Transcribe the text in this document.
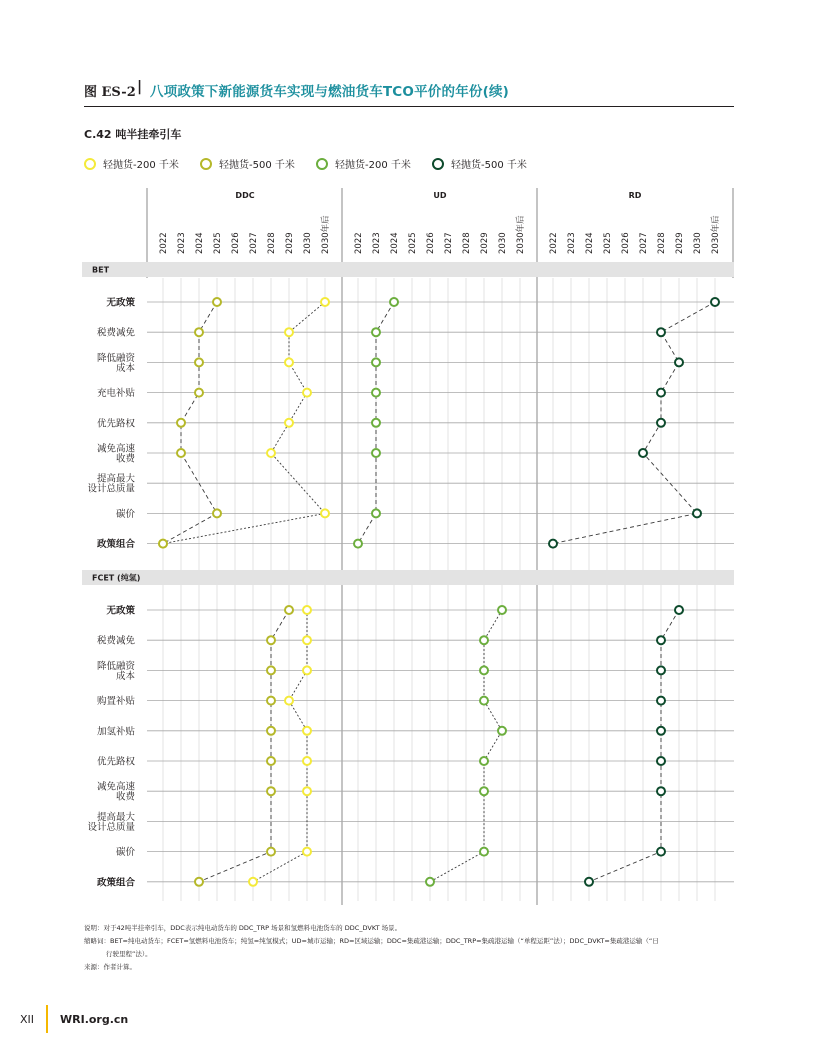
图 ES-2 | 八项政策下新能源货车实现与燃油货车TCO平价的年份(续)
C.42 吨半挂牵引车
轻抛货-200 千米	轻抛货-500 千米	轻抛货-200 千米	轻抛货-500 千米
DDC
2022 2023 2024 2025 2026 2027 2028 2029 2030 2030年后
UD
2022 2023 2024 2025 2026 2027 2028 2029 2030 2030年后
RD
2022 2023 2024 2025 2026 2027 2028 2029 2030 2030年后
BET
无政策
税费减免
降低融资
成本
充电补贴
优先路权
减免高速
收费
提高最大
设计总质量
碳价
政策组合
FCET (纯氢)
无政策
税费减免
降低融资
成本
购置补贴
加氢补贴
优先路权
减免高速
收费
提高最大
设计总质量
碳价
政策组合
说明：对于42吨半挂牵引车，DDC表示纯电动货车的 DDC_TRP 场景和氢燃料电池货车的 DDC_DVKT 场景。
缩略词：BET=纯电动货车；FCET=氢燃料电池货车；纯氢=纯氢模式；UD=城市运输；RD=区域运输；DDC=集疏港运输；DDC_TRP=集疏港运输（“单程运距”法）；DDC_DVKT=集疏港运输（“日
行驶里程”法）。
来源：作者计算。
XII WRI.org.cn
